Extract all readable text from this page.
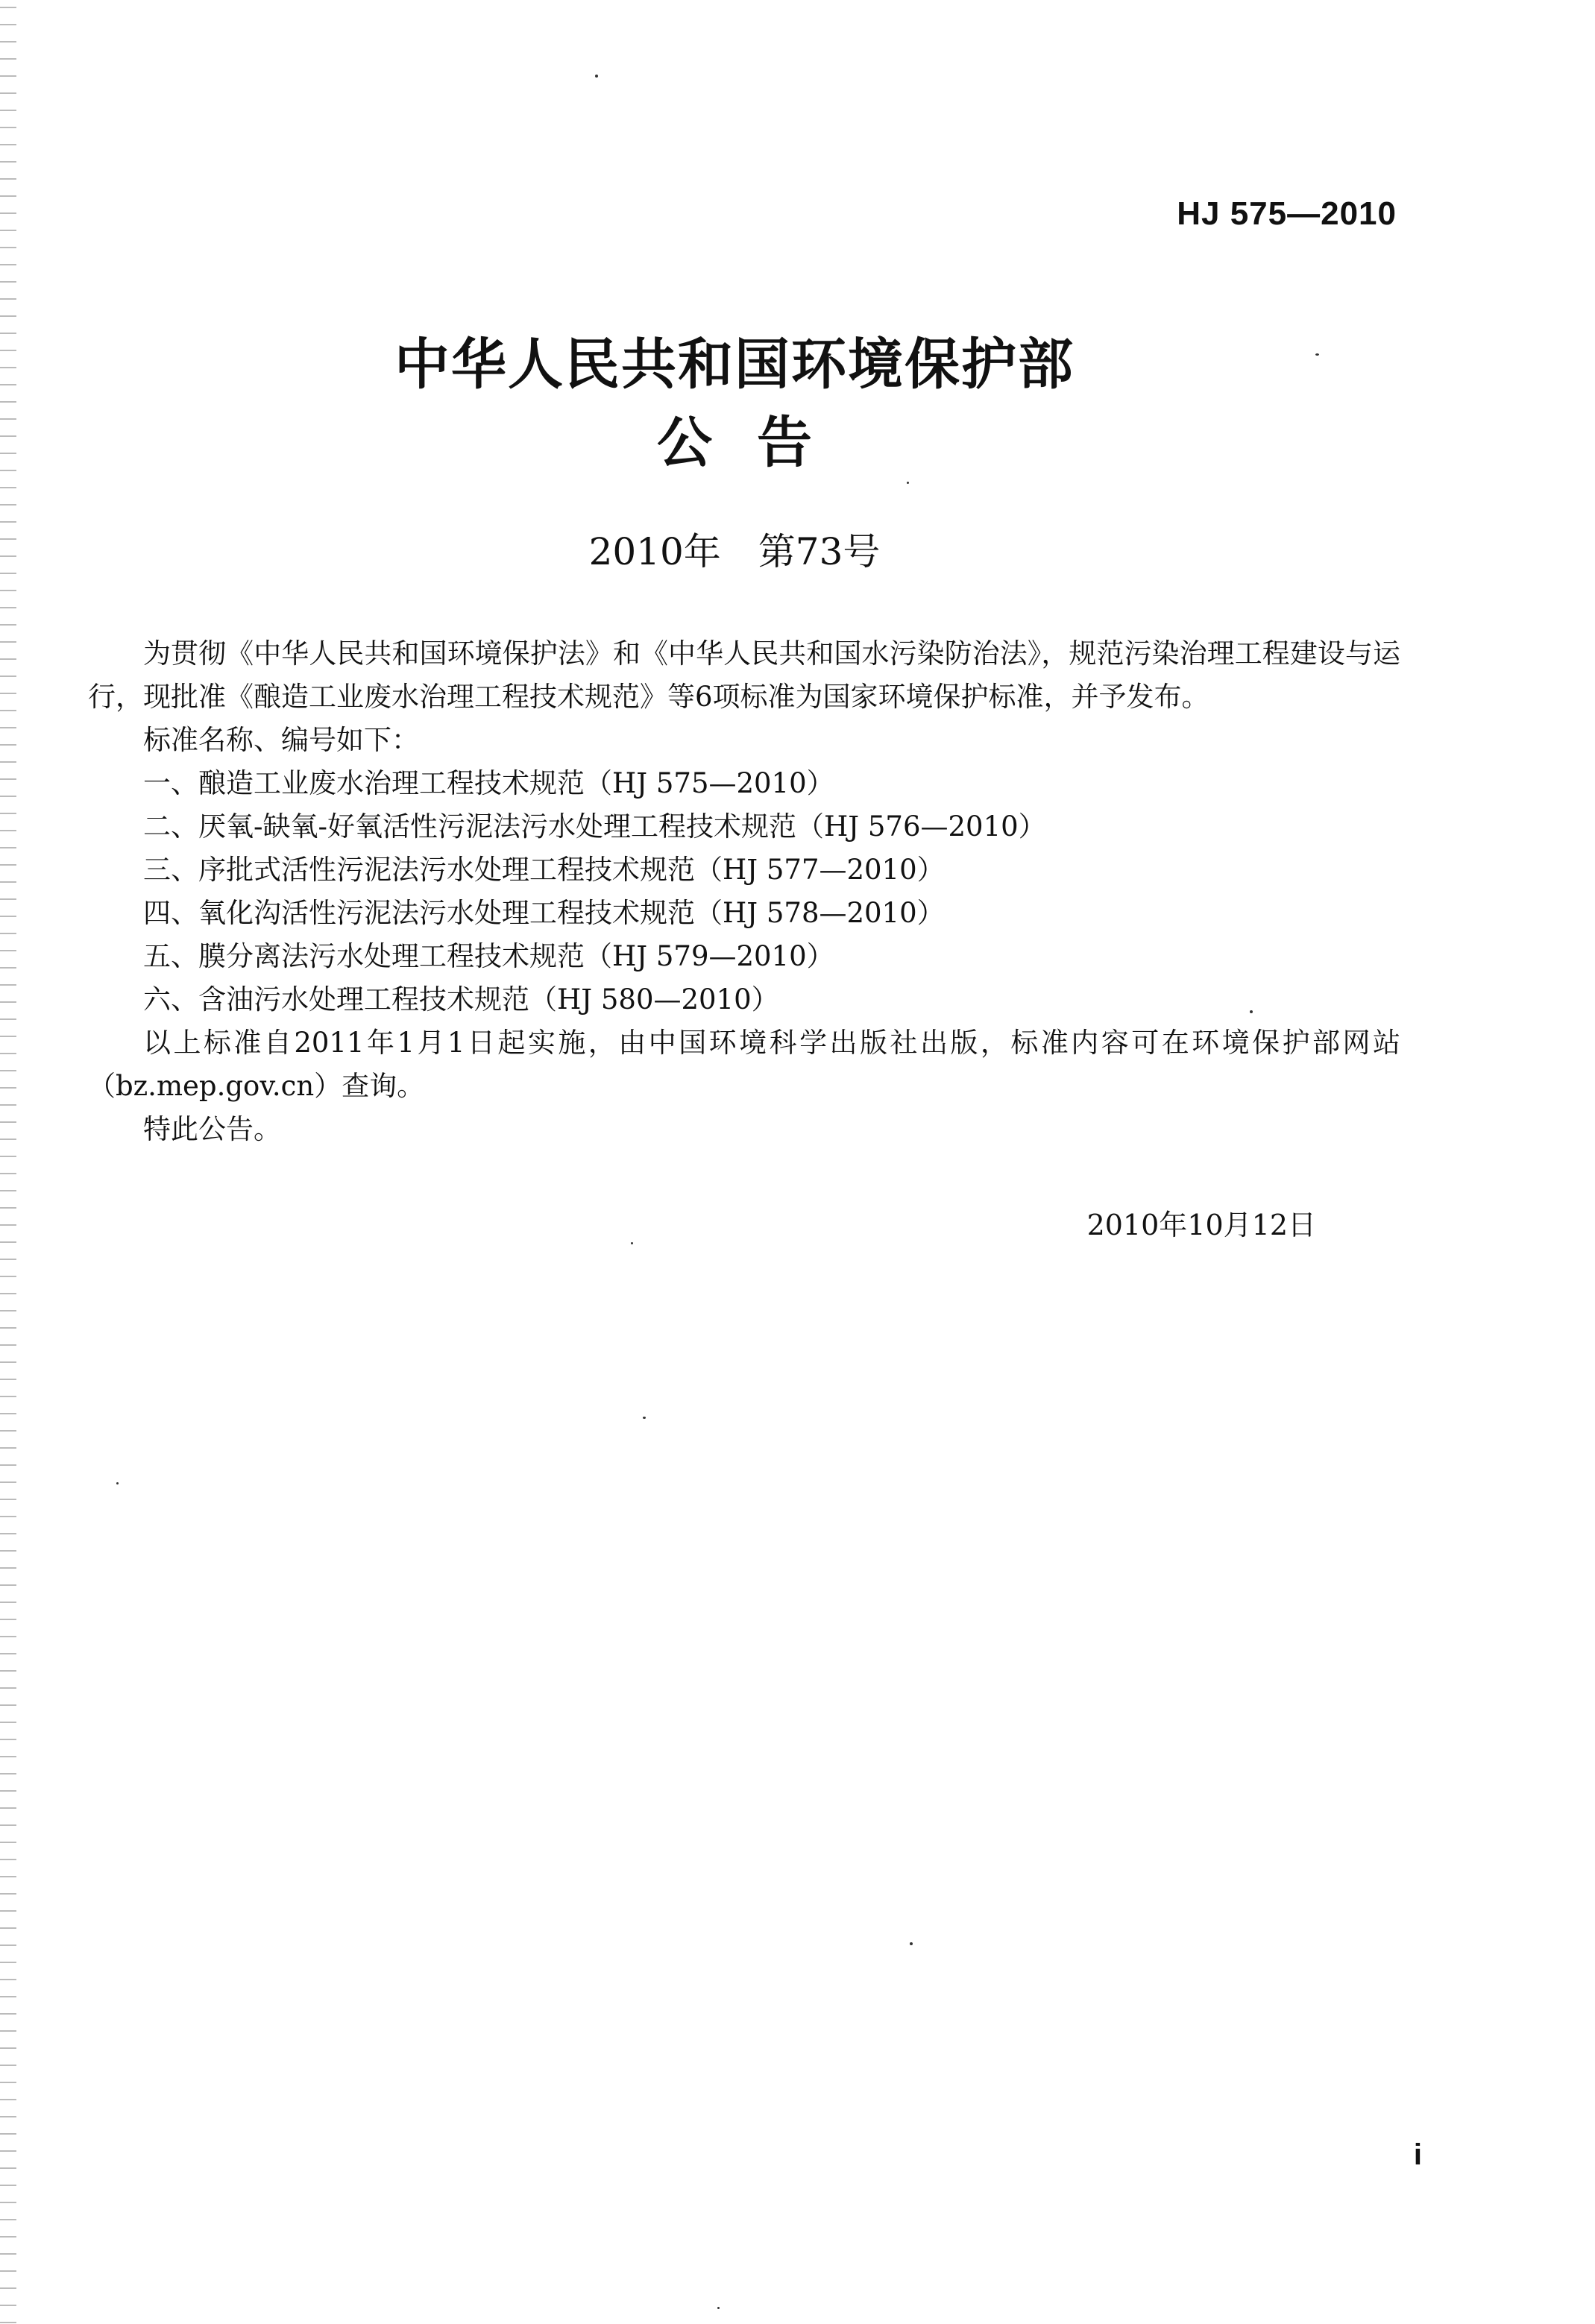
HJ 575—2010
中华人民共和国环境保护部
公告
2010年　第73号

为贯彻《中华人民共和国环境保护法》和《中华人民共和国水污染防治法》，规范污染治理工程建设与运行，现批准《酿造工业废水治理工程技术规范》等6项标准为国家环境保护标准，并予发布。

标准名称、编号如下：

一、酿造工业废水治理工程技术规范（HJ 575—2010）

二、厌氧-缺氧-好氧活性污泥法污水处理工程技术规范（HJ 576—2010）

三、序批式活性污泥法污水处理工程技术规范（HJ 577—2010）

四、氧化沟活性污泥法污水处理工程技术规范（HJ 578—2010）

五、膜分离法污水处理工程技术规范（HJ 579—2010）

六、含油污水处理工程技术规范（HJ 580—2010）

以上标准自2011年1月1日起实施，由中国环境科学出版社出版，标准内容可在环境保护部网站（bz.mep.gov.cn）查询。

特此公告。

2010年10月12日
i
